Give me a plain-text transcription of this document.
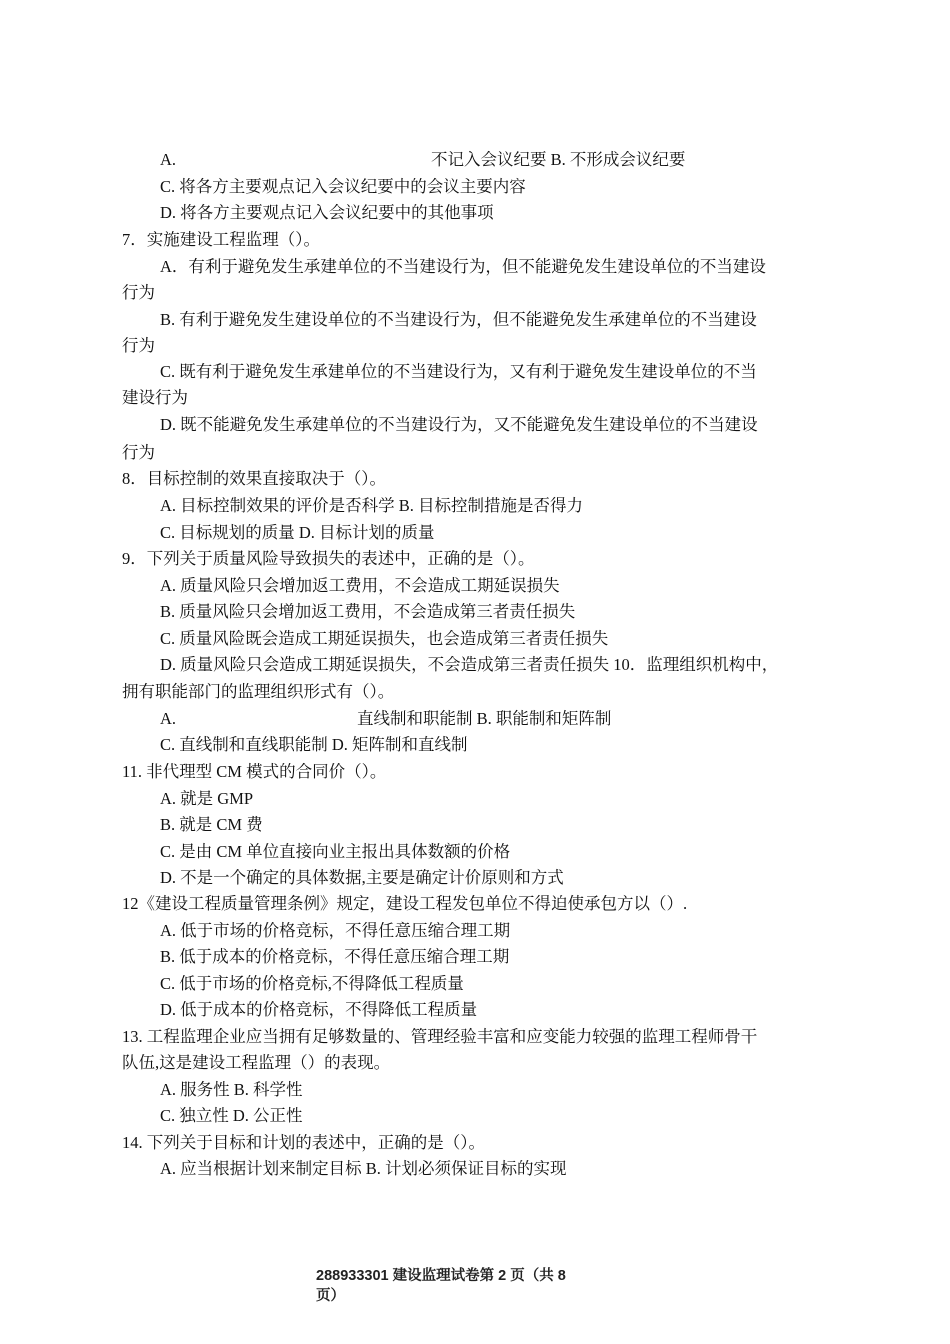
A.	不记入会议纪要 B. 不形成会议纪要
C. 将各方主要观点记入会议纪要中的会议主要内容
D. 将各方主要观点记入会议纪要中的其他事项
7．实施建设工程监理（）。
A．有利于避免发生承建单位的不当建设行为，但不能避免发生建设单位的不当建设
行为
B. 有利于避免发生建设单位的不当建设行为，但不能避免发生承建单位的不当建设
行为
C. 既有利于避免发生承建单位的不当建设行为，又有利于避免发生建设单位的不当
建设行为
D. 既不能避免发生承建单位的不当建设行为，又不能避免发生建设单位的不当建设
行为
8．目标控制的效果直接取决于（）。
A. 目标控制效果的评价是否科学 B. 目标控制措施是否得力
C. 目标规划的质量 D. 目标计划的质量
9．下列关于质量风险导致损失的表述中，正确的是（）。
A. 质量风险只会增加返工费用，不会造成工期延误损失
B. 质量风险只会增加返工费用，不会造成第三者责任损失
C. 质量风险既会造成工期延误损失，也会造成第三者责任损失
D. 质量风险只会造成工期延误损失，不会造成第三者责任损失 10．监理组织机构中，
拥有职能部门的监理组织形式有（）。
A.	直线制和职能制 B. 职能制和矩阵制
C. 直线制和直线职能制 D. 矩阵制和直线制
11. 非代理型 CM 模式的合同价（）。
A. 就是 GMP
B. 就是 CM 费
C. 是由 CM 单位直接向业主报出具体数额的价格
D. 不是一个确定的具体数据,主要是确定计价原则和方式
12《建设工程质量管理条例》规定，建设工程发包单位不得迫使承包方以（）.
A. 低于市场的价格竞标，不得任意压缩合理工期
B. 低于成本的价格竞标，不得任意压缩合理工期
C. 低于市场的价格竞标,不得降低工程质量
D. 低于成本的价格竞标，不得降低工程质量
13. 工程监理企业应当拥有足够数量的、管理经验丰富和应变能力较强的监理工程师骨干
队伍,这是建设工程监理（）的表现。
A. 服务性 B. 科学性
C. 独立性 D. 公正性
14. 下列关于目标和计划的表述中，正确的是（）。
A. 应当根据计划来制定目标 B. 计划必须保证目标的实现
288933301 建设监理试卷第 2 页（共 8
页）
